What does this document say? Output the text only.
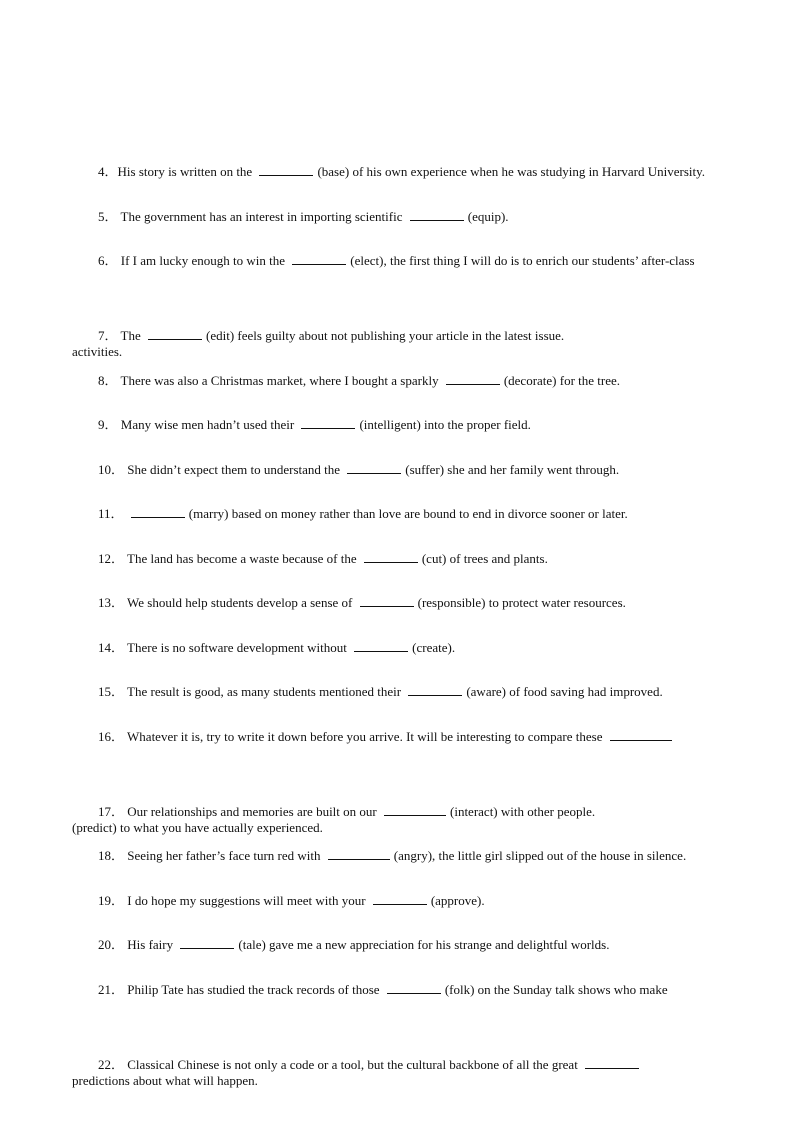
4．His story is written on the	(base) of his own experience when he was studying in Harvard University.

5． The government has an interest in importing scientific	(equip).

6． If I am lucky enough to win the	(elect), the first thing I will do is to enrich our students’ after-class

activities.

7． The	(edit) feels guilty about not publishing your article in the latest issue.

8． There was also a Christmas market, where I bought a sparkly	(decorate) for the tree.

9． Many wise men hadn’t used their	(intelligent) into the proper field.

10． She didn’t expect them to understand the	(suffer) she and her family went through.

11．	(marry) based on money rather than love are bound to end in divorce sooner or later.

12． The land has become a waste because of the	(cut) of trees and plants.

13． We should help students develop a sense of	(responsible) to protect water resources.

14． There is no software development without	(create).

15． The result is good, as many students mentioned their	(aware) of food saving had improved.

16． Whatever it is, try to write it down before you arrive. It will be interesting to compare these

(predict) to what you have actually experienced.

17． Our relationships and memories are built on our	(interact) with other people.

18． Seeing her father’s face turn red with	(angry), the little girl slipped out of the house in silence.

19． I do hope my suggestions will meet with your	(approve).

20． His fairy	(tale) gave me a new appreciation for his strange and delightful worlds.

21． Philip Tate has studied the track records of those	(folk) on the Sunday talk shows who make

predictions about what will happen.

22． Classical Chinese is not only a code or a tool, but the cultural backbone of all the great
